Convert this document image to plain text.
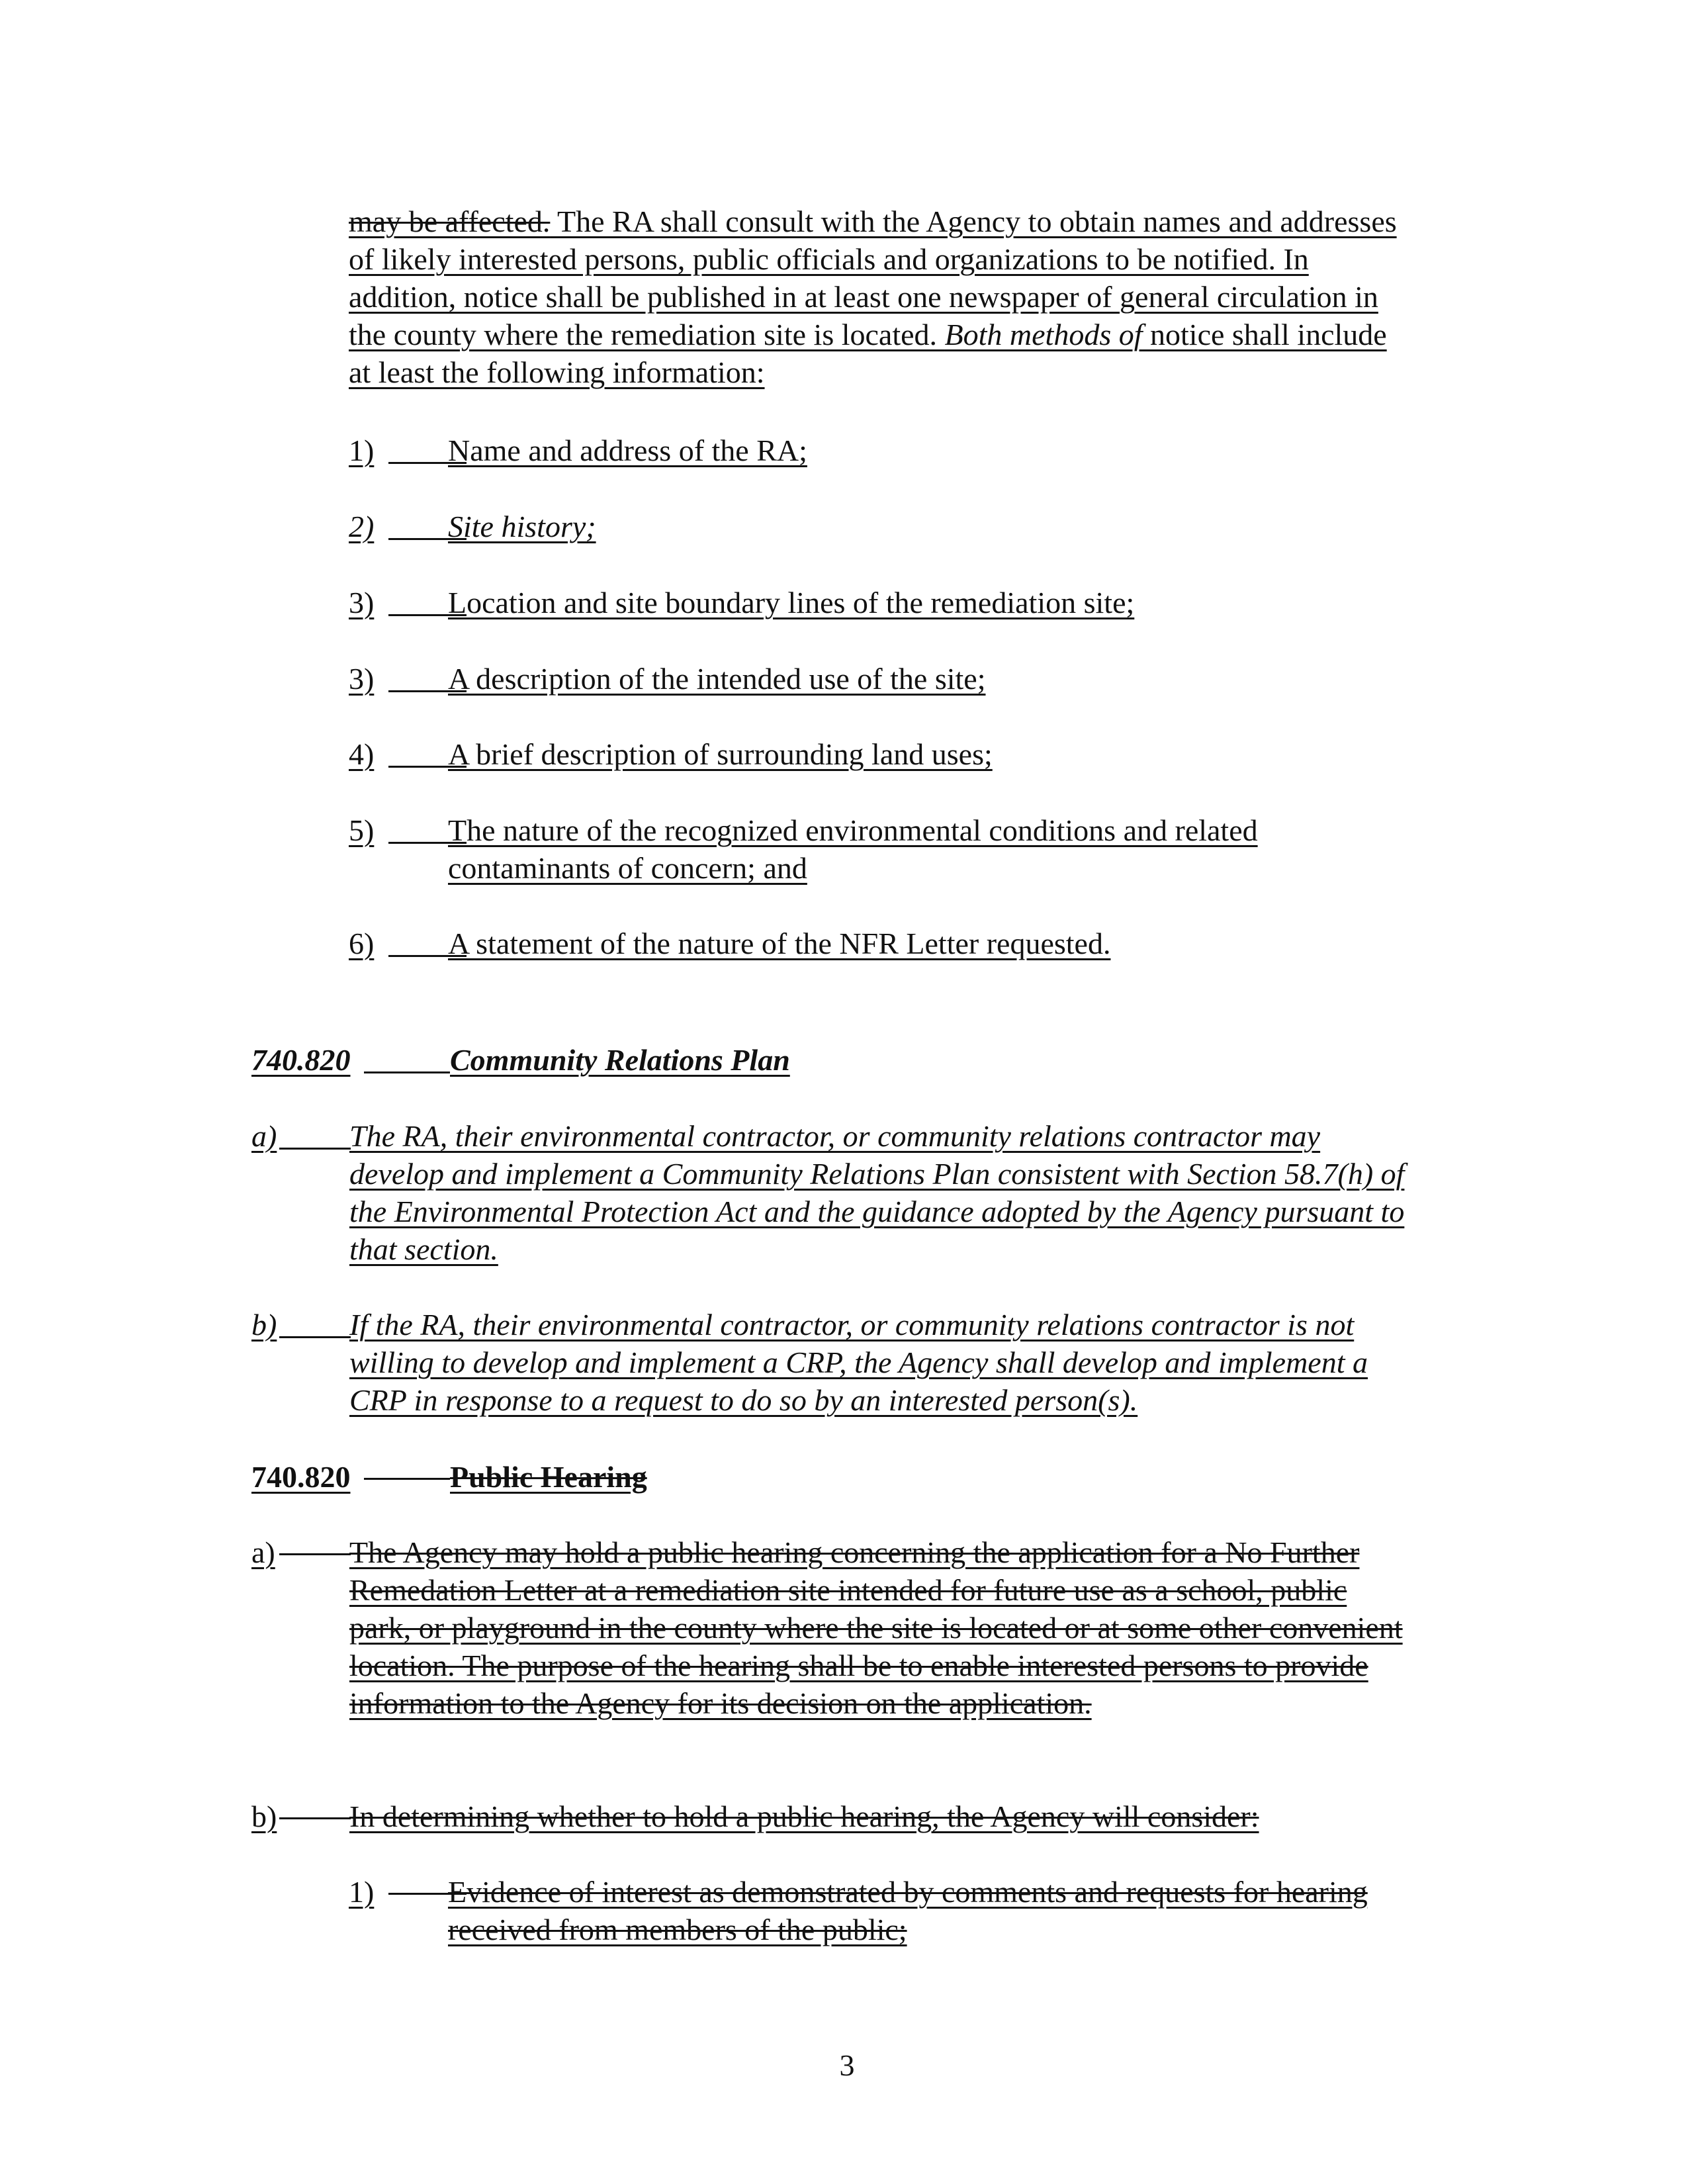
may be affected. The RA shall consult with the Agency to obtain names and addresses of likely interested persons, public officials and organizations to be notified. In addition, notice shall be published in at least one newspaper of general circulation in the county where the remediation site is located. Both methods of notice shall include at least the following information:

1) Name and address of the RA;
2) Site history;
3) Location and site boundary lines of the remediation site;
3) A description of the intended use of the site;
4) A brief description of surrounding land uses;
5) The nature of the recognized environmental conditions and related contaminants of concern; and
6) A statement of the nature of the NFR Letter requested.
740.820	Community Relations Plan
a) The RA, their environmental contractor, or community relations contractor may develop and implement a Community Relations Plan consistent with Section 58.7(h) of the Environmental Protection Act and the guidance adopted by the Agency pursuant to that section.
b) If the RA, their environmental contractor, or community relations contractor is not willing to develop and implement a CRP, the Agency shall develop and implement a CRP in response to a request to do so by an interested person(s).
740.820	Public Hearing
a) The Agency may hold a public hearing concerning the application for a No Further Remedation Letter at a remediation site intended for future use as a school, public park, or playground in the county where the site is located or at some other convenient location. The purpose of the hearing shall be to enable interested persons to provide information to the Agency for its decision on the application.
b) In determining whether to hold a public hearing, the Agency will consider:
1) Evidence of interest as demonstrated by comments and requests for hearing received from members of the public;
3
